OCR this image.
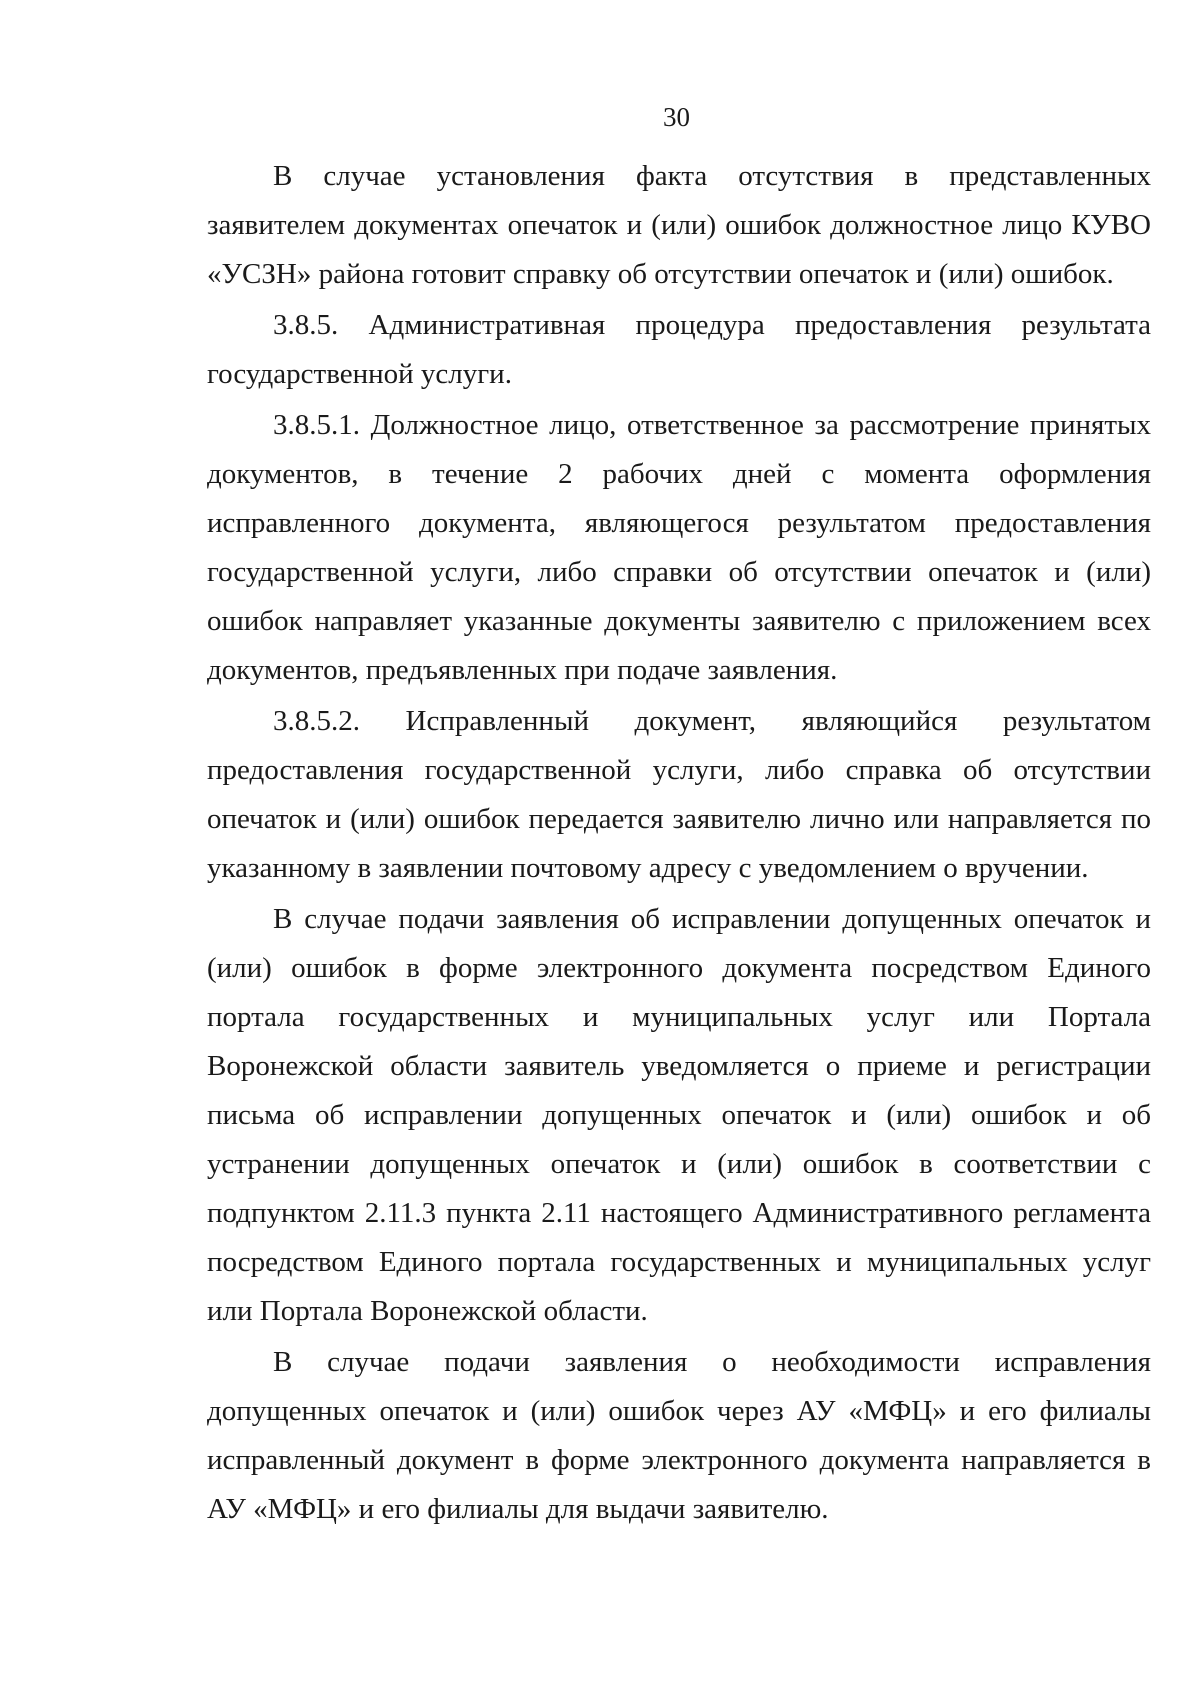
30

В случае установления факта отсутствия в представленных заявителем документах опечаток и (или) ошибок должностное лицо КУВО «УСЗН» района готовит справку об отсутствии опечаток и (или) ошибок.

3.8.5. Административная процедура предоставления результата государственной услуги.

3.8.5.1. Должностное лицо, ответственное за рассмотрение принятых документов, в течение 2 рабочих дней с момента оформления исправленного документа, являющегося результатом предоставления государственной услуги, либо справки об отсутствии опечаток и (или) ошибок направляет указанные документы заявителю с приложением всех документов, предъявленных при подаче заявления.

3.8.5.2. Исправленный документ, являющийся результатом предоставления государственной услуги, либо справка об отсутствии опечаток и (или) ошибок передается заявителю лично или направляется по указанному в заявлении почтовому адресу с уведомлением о вручении.

В случае подачи заявления об исправлении допущенных опечаток и (или) ошибок в форме электронного документа посредством Единого портала государственных и муниципальных услуг или Портала Воронежской области заявитель уведомляется о приеме и регистрации письма об исправлении допущенных опечаток и (или) ошибок и об устранении допущенных опечаток и (или) ошибок в соответствии с подпунктом 2.11.3 пункта 2.11 настоящего Административного регламента посредством Единого портала государственных и муниципальных услуг или Портала Воронежской области.

В случае подачи заявления о необходимости исправления допущенных опечаток и (или) ошибок через АУ «МФЦ» и его филиалы исправленный документ в форме электронного документа направляется в АУ «МФЦ» и его филиалы для выдачи заявителю.
